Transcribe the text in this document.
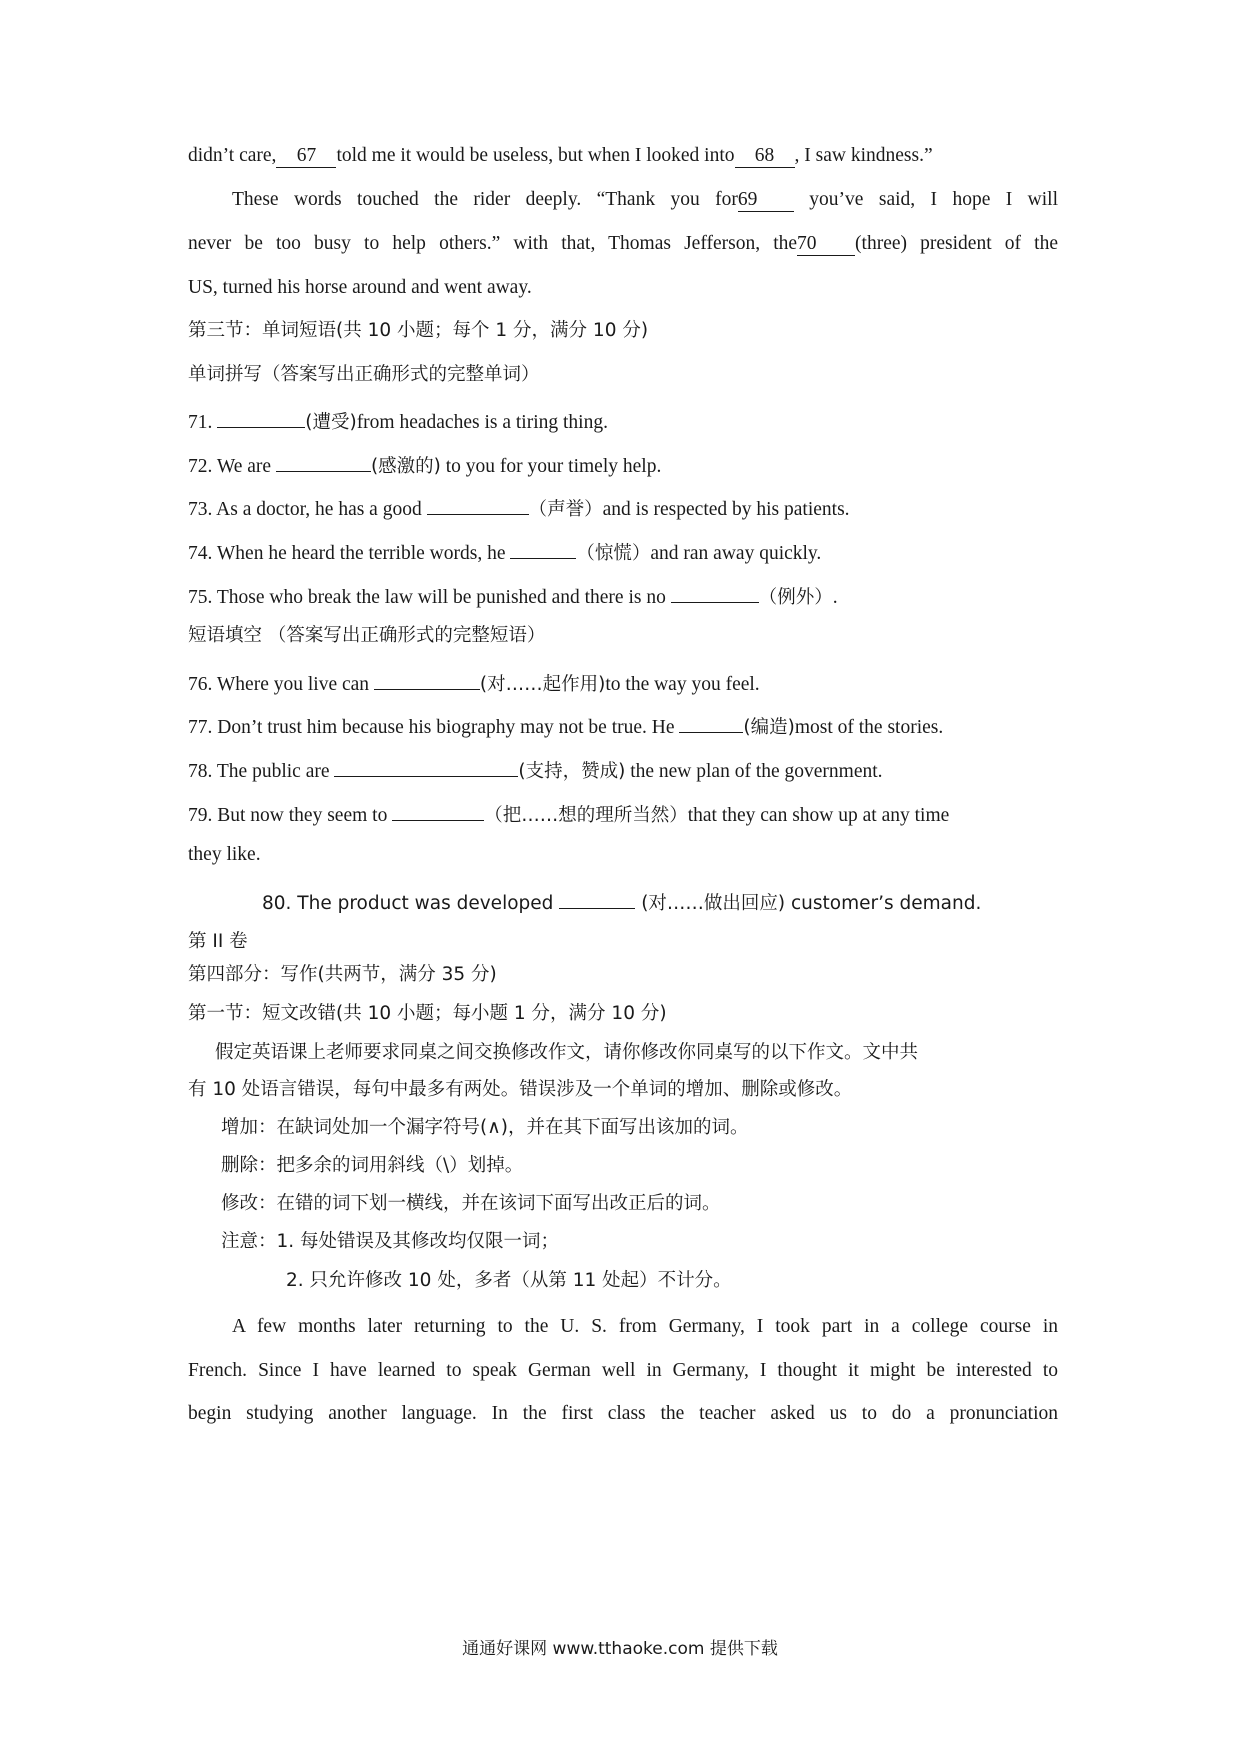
didn’t care, 67 told me it would be useless, but when I looked into 68 , I saw kindness.”
These words touched the rider deeply. “Thank you for69	you’ve said, I hope I will
never be too busy to help others.” with that, Thomas Jefferson, the70 (three) president of the
US, turned his horse around and went away.
第三节：单词短语(共 10 小题；每个 1 分，满分 10 分)
单词拼写（答案写出正确形式的完整单词）
71.	(遭受)from headaches is a tiring thing.
72. We are	(感激的) to you for your timely help.
73. As a doctor, he has a good	（声誉）and is respected by his patients.
74. When he heard the terrible words, he	（惊慌）and ran away quickly.
75. Those who break the law will be punished and there is no	（例外）.
短语填空 （答案写出正确形式的完整短语）
76. Where you live can	(对……起作用)to the way you feel.
77. Don’t trust him because his biography may not be true. He	(编造)most of the stories.
78. The public are	(支持，赞成) the new plan of the government.
79. But now they seem to	（把……想的理所当然）that they can show up at any time
they like.
80. The product was developed	(对……做出回应) customer’s demand.
第 II 卷
第四部分：写作(共两节，满分 35 分)
第一节：短文改错(共 10 小题；每小题 1 分，满分 10 分)
假定英语课上老师要求同桌之间交换修改作文，请你修改你同桌写的以下作文。文中共
有 10 处语言错误，每句中最多有两处。错误涉及一个单词的增加、删除或修改。
增加：在缺词处加一个漏字符号(∧)，并在其下面写出该加的词。
删除：把多余的词用斜线（\）划掉。
修改：在错的词下划一横线，并在该词下面写出改正后的词。
注意：1. 每处错误及其修改均仅限一词；
2. 只允许修改 10 处，多者（从第 11 处起）不计分。
A few months later returning to the U. S. from Germany, I took part in a college course in
French. Since I have learned to speak German well in Germany, I thought it might be interested to
begin studying another language. In the first class the teacher asked us to do a pronunciation
通通好课网 www.tthaoke.com 提供下载
